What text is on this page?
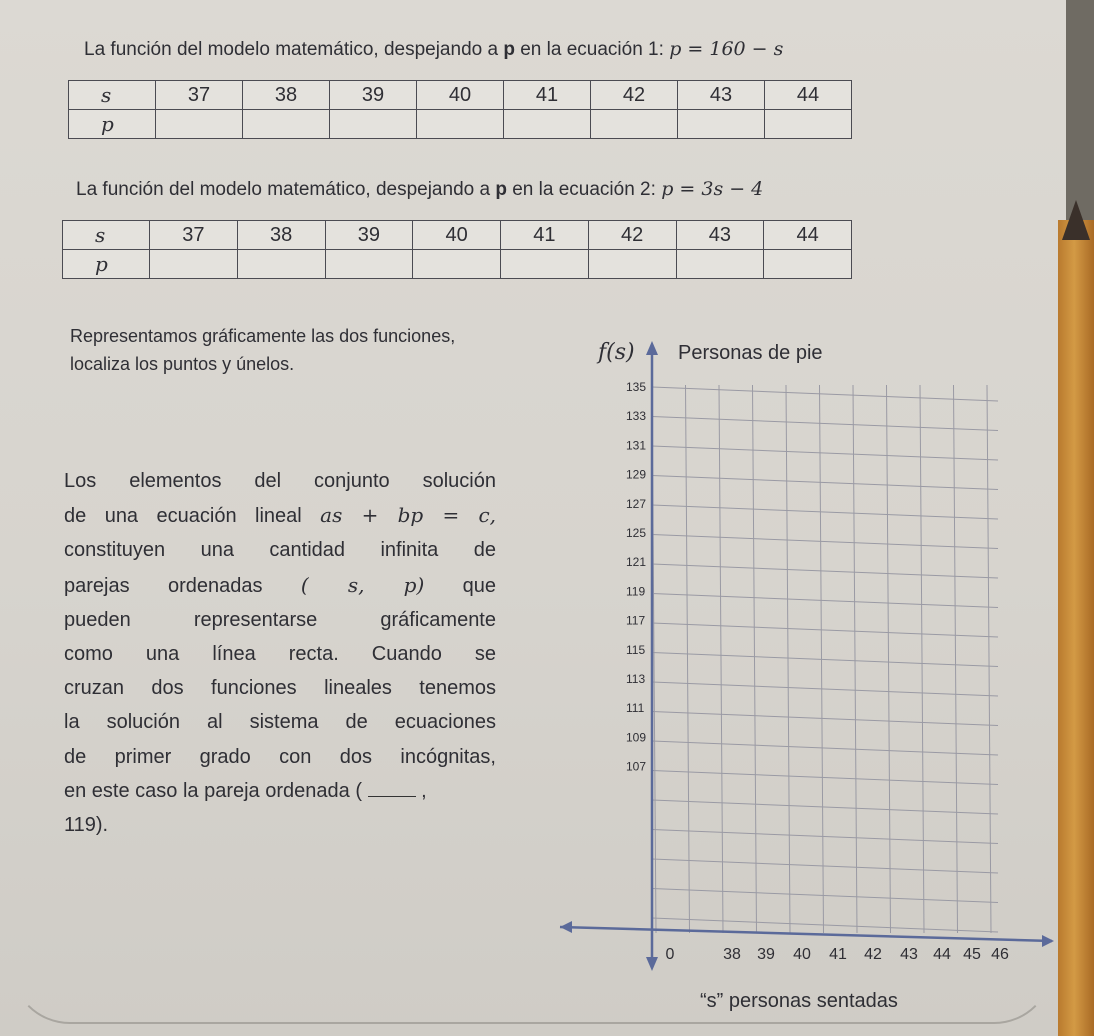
La función del modelo matemático, despejando a p en la ecuación 1: p = 160 − s
s	37	38	39	40	41	42	43	44
p								
La función del modelo matemático, despejando a p en la ecuación 2: p = 3s − 4
s	37	38	39	40	41	42	43	44
p								
Representamos gráficamente las dos funciones,
localiza los puntos y únelos.
Los elementos del conjunto solución
de una ecuación lineal as + bp = c,
constituyen una cantidad infinita de
parejas ordenadas ( s, p) que
pueden representarse gráficamente
como una línea recta. Cuando se
cruzan dos funciones lineales tenemos
la solución al sistema de ecuaciones
de primer grado con dos incógnitas,
en este caso la pareja ordenada (	,
119).
135
133
131
129
127
125
121
119
117
115
113
111
109
107
0	38 39 40 41 42 43 44 45 46
f(s) Personas de pie
“s” personas sentadas
